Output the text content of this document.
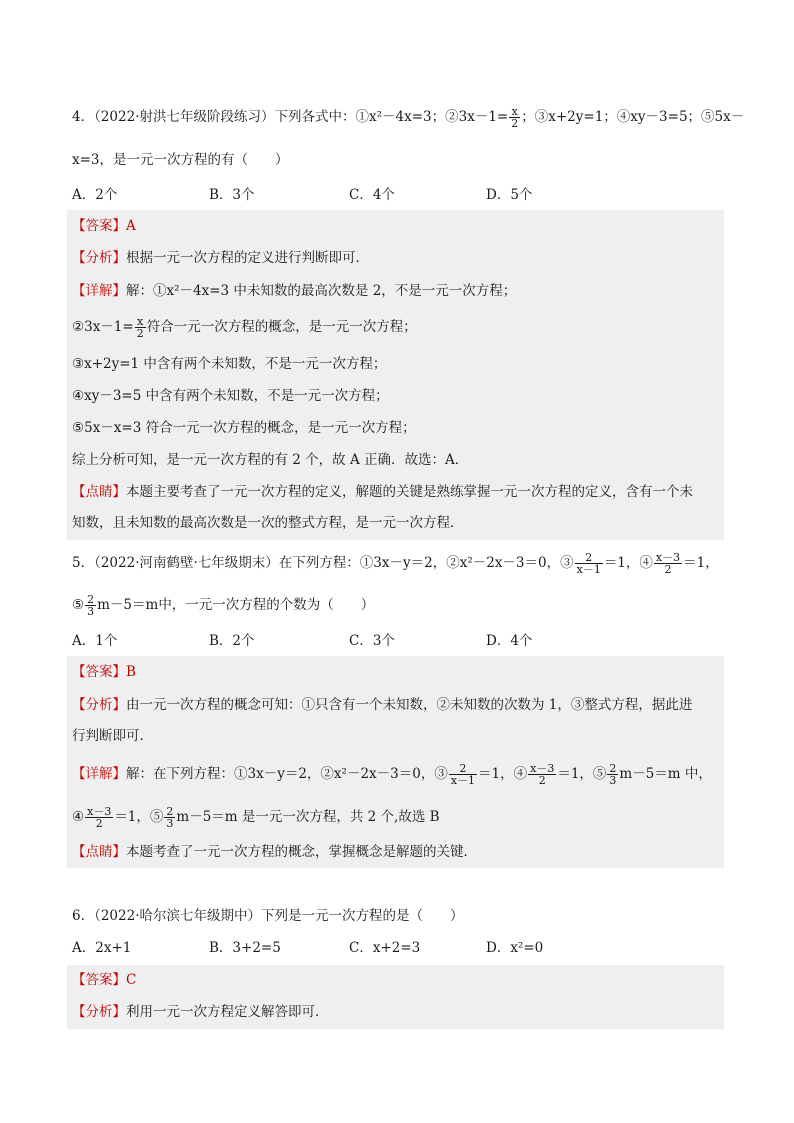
4．（2022·射洪七年级阶段练习）下列各式中：①x²－4x=3；②3x－1= $\frac{x}{2}$ ；③x+2y=1；④xy－3=5；⑤5x－
x=3，是一元一次方程的有（　　）
A．2个	B．3个	C．4个	D．5个
【答案】A
【分析】根据一元一次方程的定义进行判断即可．
【详解】解：①x²－4x=3 中未知数的最高次数是 2，不是一元一次方程；
②3x－1= $\frac{x}{2}$ 符合一元一次方程的概念，是一元一次方程；
③x+2y=1 中含有两个未知数，不是一元一次方程；
④xy－3=5 中含有两个未知数，不是一元一次方程；
⑤5x－x=3 符合一元一次方程的概念，是一元一次方程；
综上分析可知，是一元一次方程的有 2 个，故 A 正确．故选：A．
【点睛】本题主要考查了一元一次方程的定义，解题的关键是熟练掌握一元一次方程的定义，含有一个未
知数，且未知数的最高次数是一次的整式方程，是一元一次方程．
5．（2022·河南鹤壁·七年级期末）在下列方程：①3x－y＝2，②x²－2x－3＝0，③ $\frac{2}{x-1} =1$，④ $\frac{x-3}{2} =1$，
⑤ $\frac{2}{3} m-5=m$中，一元一次方程的个数为（　　）
A．1个	B．2个	C．3个	D．4个
【答案】B
【分析】由一元一次方程的概念可知：①只含有一个未知数，②未知数的次数为 1，③整式方程，据此进
行判断即可．
【详解】解：在下列方程：①3x－y＝2，②x²－2x－3＝0，③ $\frac{2}{x-1} =1$，④ $\frac{x-3}{2} =1$，⑤ $\frac{2}{3} m-5=m$ 中，
④ $\frac{x-3}{2} =1$，⑤ $\frac{2}{3} m-5=m$ 是一元一次方程，共 2 个,故选 B
【点睛】本题考查了一元一次方程的概念，掌握概念是解题的关键．
6．（2022·哈尔滨七年级期中）下列是一元一次方程的是（　　）
A．2x+1	B．3+2=5	C．x+2=3	D．x²=0
【答案】C
【分析】利用一元一次方程定义解答即可．
